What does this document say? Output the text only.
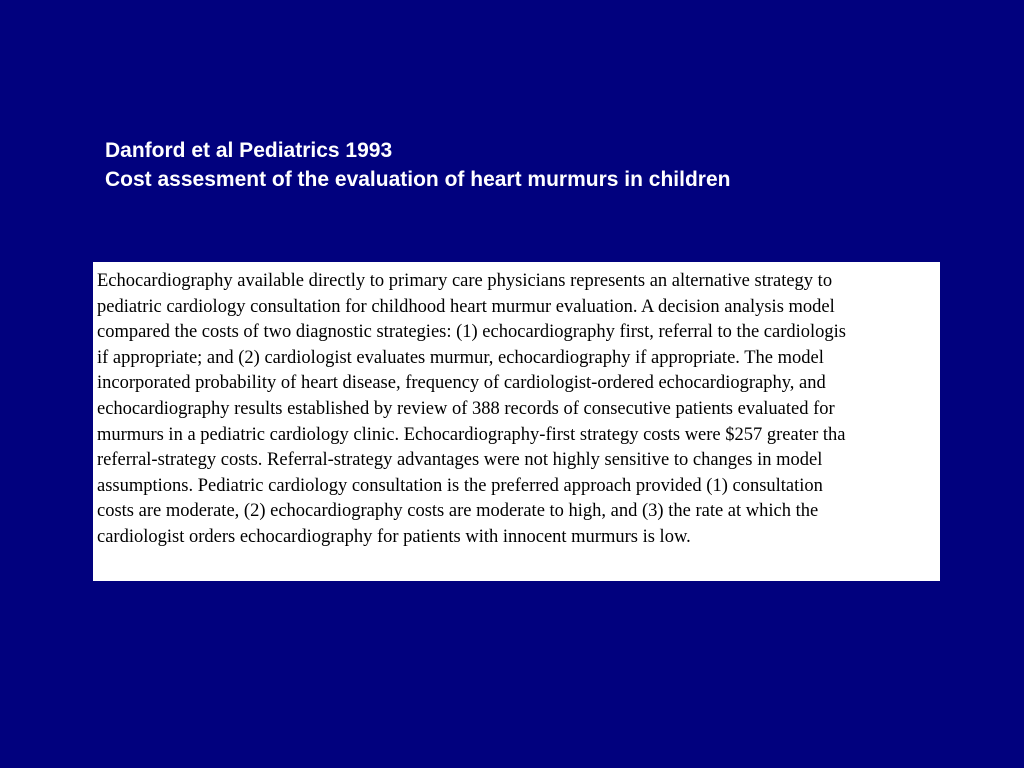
Danford et al Pediatrics 1993
Cost assesment of the evaluation of heart murmurs in children
Echocardiography available directly to primary care physicians represents an alternative strategy to
pediatric cardiology consultation for childhood heart murmur evaluation. A decision analysis model
compared the costs of two diagnostic strategies: (1) echocardiography first, referral to the cardiologis
if appropriate; and (2) cardiologist evaluates murmur, echocardiography if appropriate. The model
incorporated probability of heart disease, frequency of cardiologist-ordered echocardiography, and
echocardiography results established by review of 388 records of consecutive patients evaluated for
murmurs in a pediatric cardiology clinic. Echocardiography-first strategy costs were $257 greater tha
referral-strategy costs. Referral-strategy advantages were not highly sensitive to changes in model
assumptions. Pediatric cardiology consultation is the preferred approach provided (1) consultation
costs are moderate, (2) echocardiography costs are moderate to high, and (3) the rate at which the
cardiologist orders echocardiography for patients with innocent murmurs is low.
